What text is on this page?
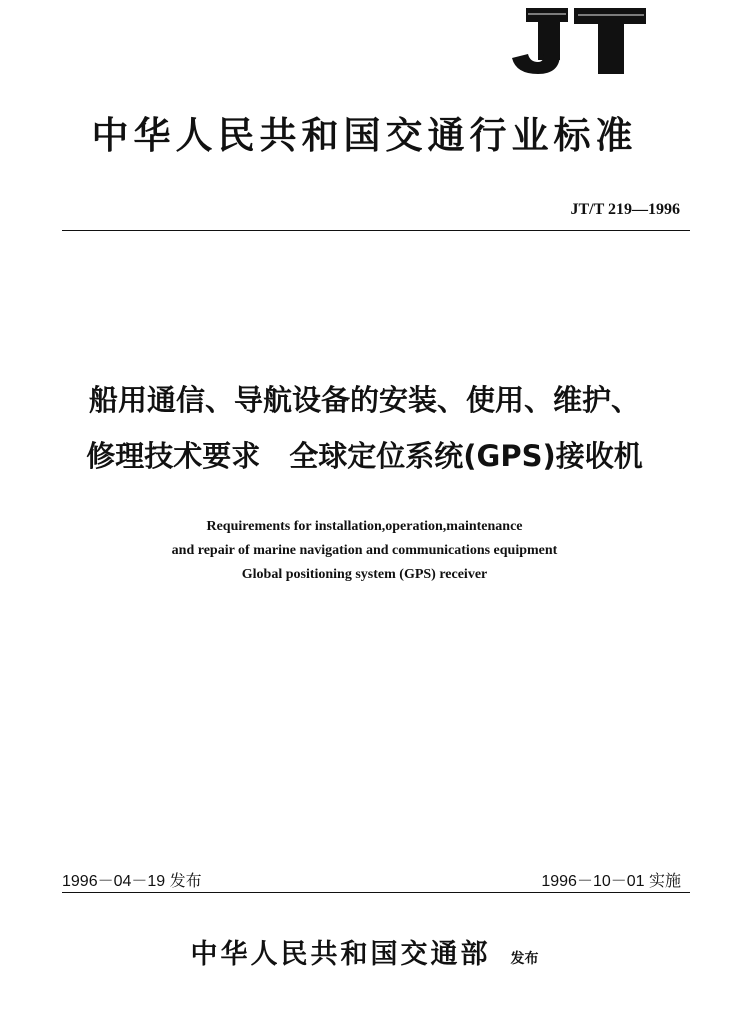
中华人民共和国交通行业标准
JT/T 219—1996
船用通信、导航设备的安装、使用、维护、
修理技术要求　全球定位系统(GPS)接收机
Requirements for installation,operation,maintenance
and repair of marine navigation and communications equipment
Global positioning system (GPS) receiver
1996－04－19 发布	1996－10－01 实施
中华人民共和国交通部 发布
